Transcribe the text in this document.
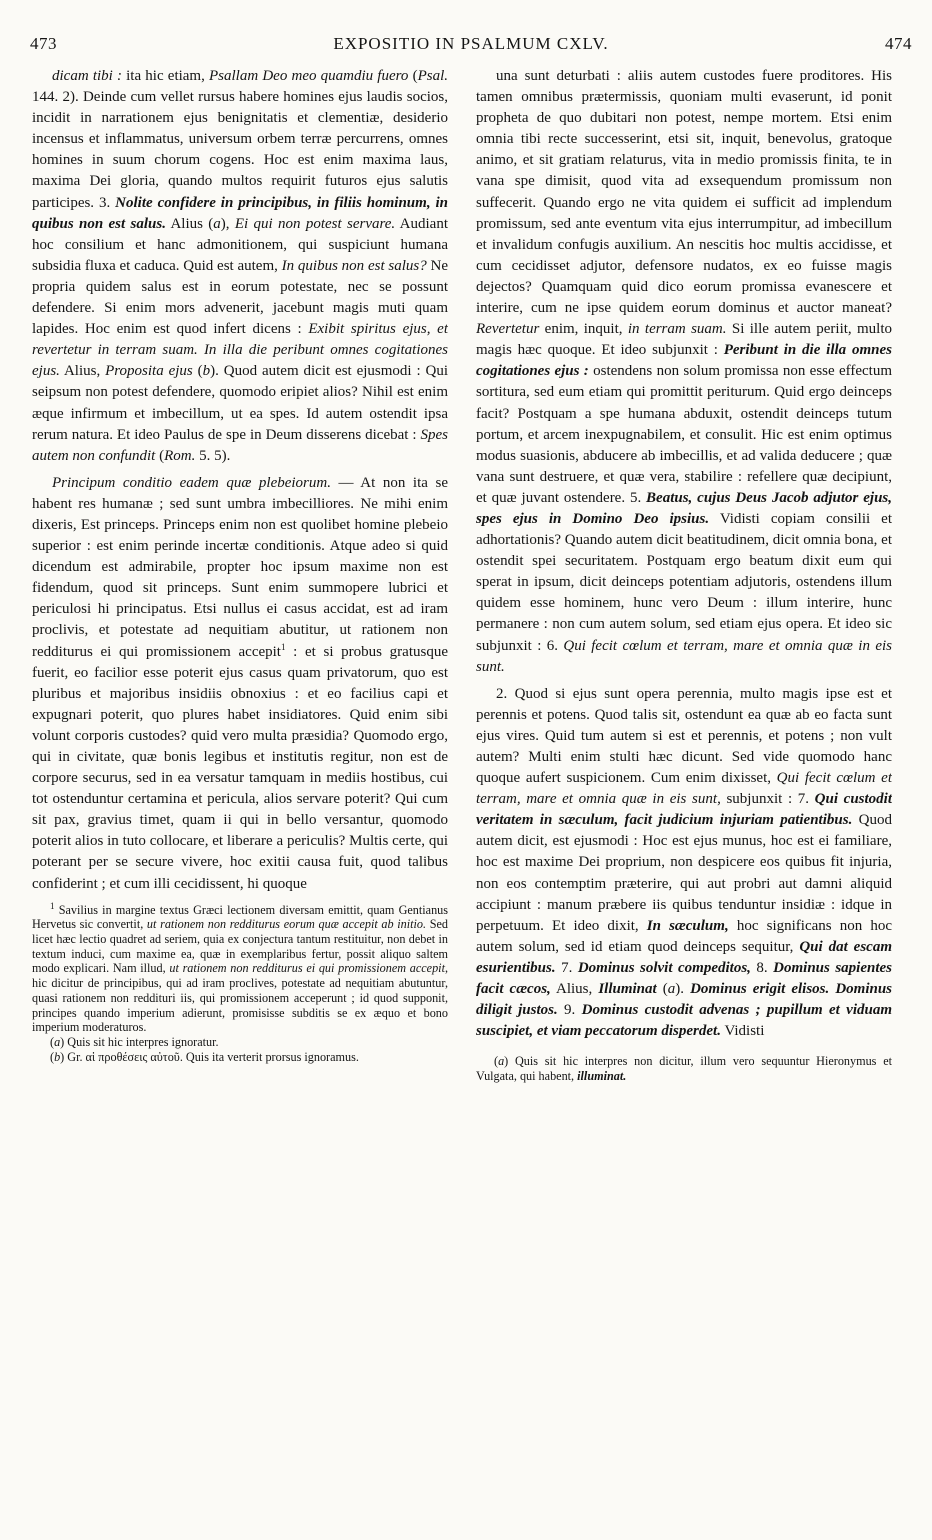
473	EXPOSITIO IN PSALMUM CXLV.	474

dicam tibi : ita hic etiam, Psallam Deo meo quamdiu fuero (Psal. 144. 2). Deinde cum vellet rursus habere homines ejus laudis socios, incidit in narrationem ejus benignitatis et clementiæ, desiderio incensus et inflammatus, universum orbem terræ percurrens, omnes homines in suum chorum cogens. Hoc est enim maxima laus, maxima Dei gloria, quando multos requirit futuros ejus salutis participes. 3. Nolite confidere in principibus, in filiis hominum, in quibus non est salus. Alius (a), Ei qui non potest servare. Audiant hoc consilium et hanc admonitionem, qui suspiciunt humana subsidia fluxa et caduca. Quid est autem, In quibus non est salus? Ne propria quidem salus est in eorum potestate, nec se possunt defendere. Si enim mors advenerit, jacebunt magis muti quam lapides. Hoc enim est quod infert dicens : Exibit spiritus ejus, et revertetur in terram suam. In illa die peribunt omnes cogitationes ejus. Alius, Proposita ejus (b). Quod autem dicit est ejusmodi : Qui seipsum non potest defendere, quomodo eripiet alios? Nihil est enim æque infirmum et imbecillum, ut ea spes. Id autem ostendit ipsa rerum natura. Et ideo Paulus de spe in Deum disserens dicebat : Spes autem non confundit (Rom. 5. 5).

Principum conditio eadem quæ plebeiorum. — At non ita se habent res humanæ ; sed sunt umbra imbecilliores. Ne mihi enim dixeris, Est princeps. Princeps enim non est quolibet homine plebeio superior : est enim perinde incertæ conditionis. Atque adeo si quid dicendum est admirabile, propter hoc ipsum maxime non est fidendum, quod sit princeps. Sunt enim summopere lubrici et periculosi hi principatus. Etsi nullus ei casus accidat, est ad iram proclivis, et potestate ad nequitiam abutitur, ut rationem non redditurus ei qui promissionem accepit$^1$ : et si probus gratusque fuerit, eo facilior esse poterit ejus casus quam privatorum, quo est pluribus et majoribus insidiis obnoxius : et eo facilius capi et expugnari poterit, quo plures habet insidiatores. Quid enim sibi volunt corporis custodes? quid vero multa præsidia? Quomodo ergo, qui in civitate, quæ bonis legibus et institutis regitur, non est de corpore securus, sed in ea versatur tamquam in mediis hostibus, cui tot ostenduntur certamina et pericula, alios servare poterit? Qui cum sit pax, gravius timet, quam ii qui in bello versantur, quomodo poterit alios in tuto collocare, et liberare a periculis? Multis certe, qui poterant per se secure vivere, hoc exitii causa fuit, quod talibus confiderint ; et cum illi cecidissent, hi quoque

$^1$ Savilius in margine textus Græci lectionem diversam emittit, quam Gentianus Hervetus sic convertit, ut rationem non redditurus eorum quæ accepit ab initio. Sed licet hæc lectio quadret ad seriem, quia ex conjectura tantum restituitur, non debet in textum induci, cum maxime ea, quæ in exemplaribus fertur, possit aliquo saltem modo explicari. Nam illud, ut rationem non redditurus ei qui promissionem accepit, hic dicitur de principibus, qui ad iram proclives, potestate ad nequitiam abutuntur, quasi rationem non reddituri iis, qui promissionem acceperunt ; id quod supponit, principes quando imperium adierunt, promisisse subditis se ex æquo et bono imperium moderaturos.

(a) Quis sit hic interpres ignoratur.

(b) Gr. αἱ προθέσεις αὐτοῦ. Quis ita verterit prorsus ignoramus.

una sunt deturbati : aliis autem custodes fuere proditores. His tamen omnibus prætermissis, quoniam multi evaserunt, id ponit propheta de quo dubitari non potest, nempe mortem. Etsi enim omnia tibi recte successerint, etsi sit, inquit, benevolus, gratoque animo, et sit gratiam relaturus, vita in medio promissis finita, te in vana spe dimisit, quod vita ad exsequendum promissum non suffecerit. Quando ergo ne vita quidem ei sufficit ad implendum promissum, sed ante eventum vita ejus interrumpitur, ad imbecillum et invalidum confugis auxilium. An nescitis hoc multis accidisse, et cum cecidisset adjutor, defensore nudatos, ex eo fuisse magis dejectos? Quamquam quid dico eorum promissa evanescere et interire, cum ne ipse quidem eorum dominus et auctor maneat? Revertetur enim, inquit, in terram suam. Si ille autem periit, multo magis hæc quoque. Et ideo subjunxit : Peribunt in die illa omnes cogitationes ejus : ostendens non solum promissa non esse effectum sortitura, sed eum etiam qui promittit periturum. Quid ergo deinceps facit? Postquam a spe humana abduxit, ostendit deinceps tutum portum, et arcem inexpugnabilem, et consulit. Hic est enim optimus modus suasionis, abducere ab imbecillis, et ad valida deducere ; quæ vana sunt destruere, et quæ vera, stabilire : refellere quæ decipiunt, et quæ juvant ostendere. 5. Beatus, cujus Deus Jacob adjutor ejus, spes ejus in Domino Deo ipsius. Vidisti copiam consilii et adhortationis? Quando autem dicit beatitudinem, dicit omnia bona, et ostendit spei securitatem. Postquam ergo beatum dixit eum qui sperat in ipsum, dicit deinceps potentiam adjutoris, ostendens illum quidem esse hominem, hunc vero Deum : illum interire, hunc permanere : non cum autem solum, sed etiam ejus opera. Et ideo sic subjunxit : 6. Qui fecit cœlum et terram, mare et omnia quæ in eis sunt.

2. Quod si ejus sunt opera perennia, multo magis ipse est et perennis et potens. Quod talis sit, ostendunt ea quæ ab eo facta sunt ejus vires. Quid tum autem si est et perennis, et potens ; non vult autem? Multi enim stulti hæc dicunt. Sed vide quomodo hanc quoque aufert suspicionem. Cum enim dixisset, Qui fecit cœlum et terram, mare et omnia quæ in eis sunt, subjunxit : 7. Qui custodit veritatem in sæculum, facit judicium injuriam patientibus. Quod autem dicit, est ejusmodi : Hoc est ejus munus, hoc est ei familiare, hoc est maxime Dei proprium, non despicere eos quibus fit injuria, non eos contemptim præterire, qui aut probri aut damni aliquid accipiunt : manum præbere iis quibus tenduntur insidiæ : idque in perpetuum. Et ideo dixit, In sæculum, hoc significans non hoc autem solum, sed id etiam quod deinceps sequitur, Qui dat escam esurientibus. 7. Dominus solvit compeditos, 8. Dominus sapientes facit cæcos, Alius, Illuminat (a). Dominus erigit elisos. Dominus diligit justos. 9. Dominus custodit advenas ; pupillum et viduam suscipiet, et viam peccatorum disperdet. Vidisti

(a) Quis sit hic interpres non dicitur, illum vero sequuntur Hieronymus et Vulgata, qui habent, illuminat.
